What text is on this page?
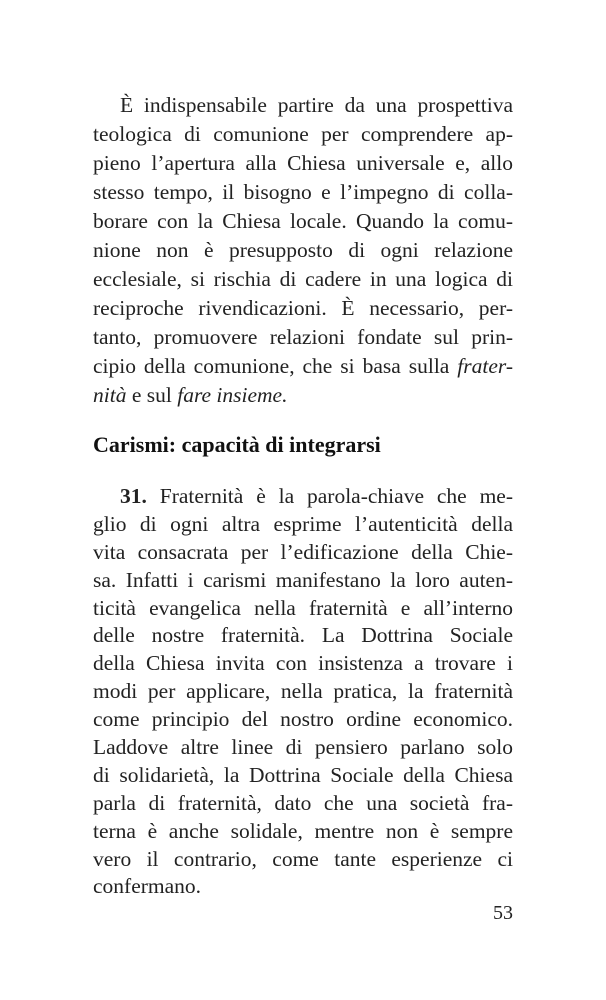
È indispensabile partire da una prospettiva
teologica di comunione per comprendere ap-
pieno l’apertura alla Chiesa universale e, allo
stesso tempo, il bisogno e l’impegno di colla-
borare con la Chiesa locale. Quando la comu-
nione non è presupposto di ogni relazione
ecclesiale, si rischia di cadere in una logica di
reciproche rivendicazioni. È necessario, per-
tanto, promuovere relazioni fondate sul prin-
cipio della comunione, che si basa sulla frater-
nità e sul fare insieme.
Carismi: capacità di integrarsi
31. Fraternità è la parola-chiave che me-
glio di ogni altra esprime l’autenticità della
vita consacrata per l’edificazione della Chie-
sa. Infatti i carismi manifestano la loro auten-
ticità evangelica nella fraternità e all’interno
delle nostre fraternità. La Dottrina Sociale
della Chiesa invita con insistenza a trovare i
modi per applicare, nella pratica, la fraternità
come principio del nostro ordine economico.
Laddove altre linee di pensiero parlano solo
di solidarietà, la Dottrina Sociale della Chiesa
parla di fraternità, dato che una società fra-
terna è anche solidale, mentre non è sempre
vero il contrario, come tante esperienze ci
confermano.
53
